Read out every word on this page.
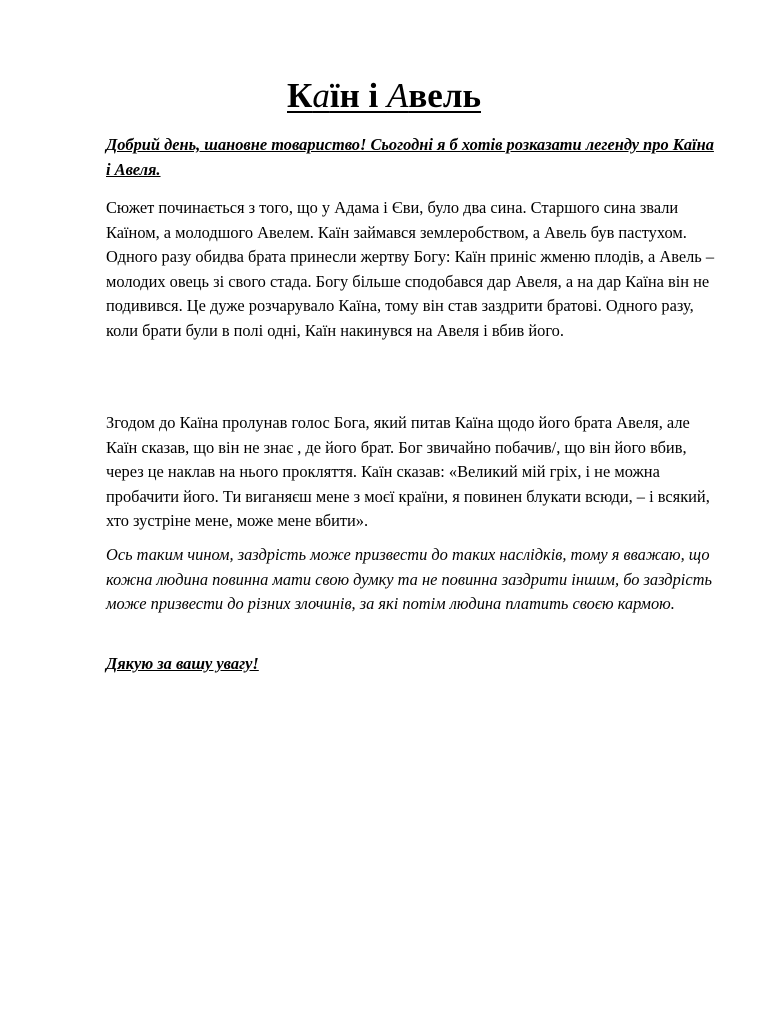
Каїн і Авель

Добрий день, шановне товариство! Сьогодні я б хотів розказати легенду про Каїна і Авеля.

Сюжет починається з того, що у Адама і Єви, було два сина. Старшого сина звали Каїном, а молодшого Авелем. Каїн займався землеробством, а Авель був пастухом. Одного разу обидва брата принесли жертву Богу: Каїн приніс жменю плодів, а Авель – молодих овець зі свого стада. Богу більше сподобався дар Авеля, а на дар Каїна він не подивився. Це дуже розчарувало Каїна, тому він став заздрити братові. Одного разу, коли брати були в полі одні, Каїн накинувся на Авеля і вбив його.

Згодом до Каїна пролунав голос Бога, який питав Каїна щодо його брата Авеля, але Каїн сказав, що він не знає , де його брат. Бог звичайно побачив/, що він його вбив, через це наклав на нього прокляття. Каїн сказав: «Великий мій гріх, і не можна пробачити його. Ти виганяєш мене з моєї країни, я повинен блукати всюди, – і всякий, хто зустріне мене, може мене вбити».

Ось таким чином, заздрість може призвести до таких наслідків, тому я вважаю, що кожна людина повинна мати свою думку та не повинна заздрити іншим, бо заздрість може призвести до різних злочинів, за які потім людина платить своєю кармою.

Дякую за вашу увагу!
